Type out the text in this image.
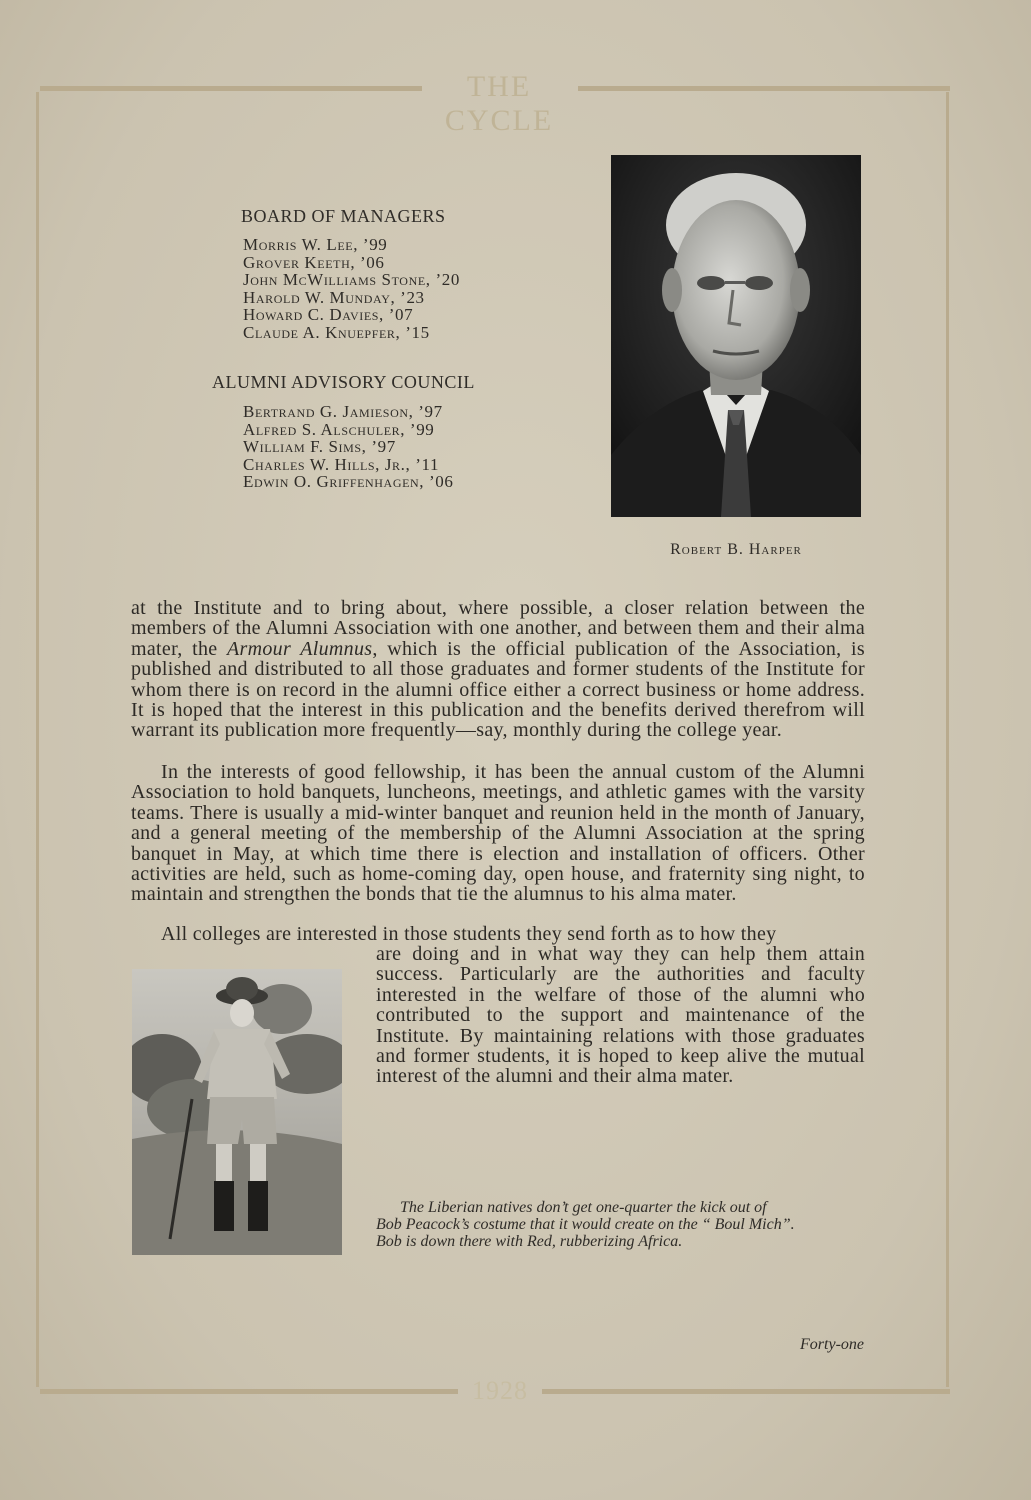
THE CYCLE
1928
BOARD OF MANAGERS
Morris W. Lee, ’99
Grover Keeth, ’06
John McWilliams Stone, ’20
Harold W. Munday, ’23
Howard C. Davies, ’07
Claude A. Knuepfer, ’15
ALUMNI ADVISORY COUNCIL
Bertrand G. Jamieson, ’97
Alfred S. Alschuler, ’99
William F. Sims, ’97
Charles W. Hills, Jr., ’11
Edwin O. Griffenhagen, ’06
Robert B. Harper

at the Institute and to bring about, where possible, a closer relation between the members of the Alumni Association with one another, and between them and their alma mater, the Armour Alumnus, which is the official publication of the Association, is published and distributed to all those graduates and former students of the Institute for whom there is on record in the alumni office either a correct business or home address. It is hoped that the interest in this publication and the benefits derived therefrom will warrant its publication more frequently—say, monthly during the college year.

In the interests of good fellowship, it has been the annual custom of the Alumni Association to hold banquets, luncheons, meetings, and athletic games with the varsity teams. There is usually a mid-winter banquet and reunion held in the month of January, and a general meeting of the membership of the Alumni Association at the spring banquet in May, at which time there is election and installation of officers. Other activities are held, such as home-coming day, open house, and fraternity sing night, to maintain and strengthen the bonds that tie the alumnus to his alma mater.

All colleges are interested in those students they send forth as to how they

are doing and in what way they can help them attain success. Particularly are the authorities and faculty interested in the welfare of those of the alumni who contributed to the support and maintenance of the Institute. By maintaining relations with those graduates and former students, it is hoped to keep alive the mutual interest of the alumni and their alma mater.

The Liberian natives don’t get one-quarter the kick out of
Bob Peacock’s costume that it would create on the “ Boul Mich”.
Bob is down there with Red, rubberizing Africa.
Forty-one
